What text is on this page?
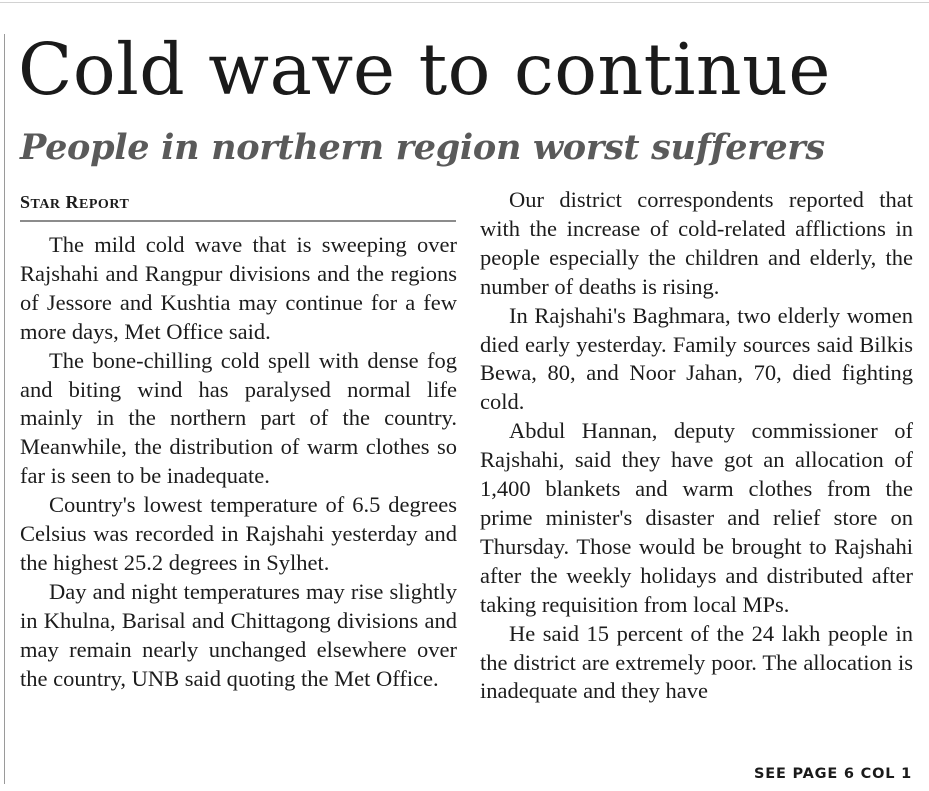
Cold wave to continue
People in northern region worst sufferers
STAR REPORT

The mild cold wave that is sweeping over Rajshahi and Rangpur divisions and the regions of Jessore and Kushtia may continue for a few more days, Met Office said.

The bone-chilling cold spell with dense fog and biting wind has paralysed normal life mainly in the northern part of the country. Meanwhile, the distribution of warm clothes so far is seen to be inadequate.

Country's lowest temperature of 6.5 degrees Celsius was recorded in Rajshahi yesterday and the highest 25.2 degrees in Sylhet.

Day and night temperatures may rise slightly in Khulna, Barisal and Chittagong divisions and may remain nearly unchanged elsewhere over the country, UNB said quoting the Met Office.

Our district correspondents reported that with the increase of cold-related afflictions in people especially the children and elderly, the number of deaths is rising.

In Rajshahi's Baghmara, two elderly women died early yesterday. Family sources said Bilkis Bewa, 80, and Noor Jahan, 70, died fighting cold.

Abdul Hannan, deputy commissioner of Rajshahi, said they have got an allocation of 1,400 blankets and warm clothes from the prime minister's disaster and relief store on Thursday. Those would be brought to Rajshahi after the weekly holidays and distributed after taking requisition from local MPs.

He said 15 percent of the 24 lakh people in the district are extremely poor. The allocation is inadequate and they have

SEE PAGE 6 COL 1
